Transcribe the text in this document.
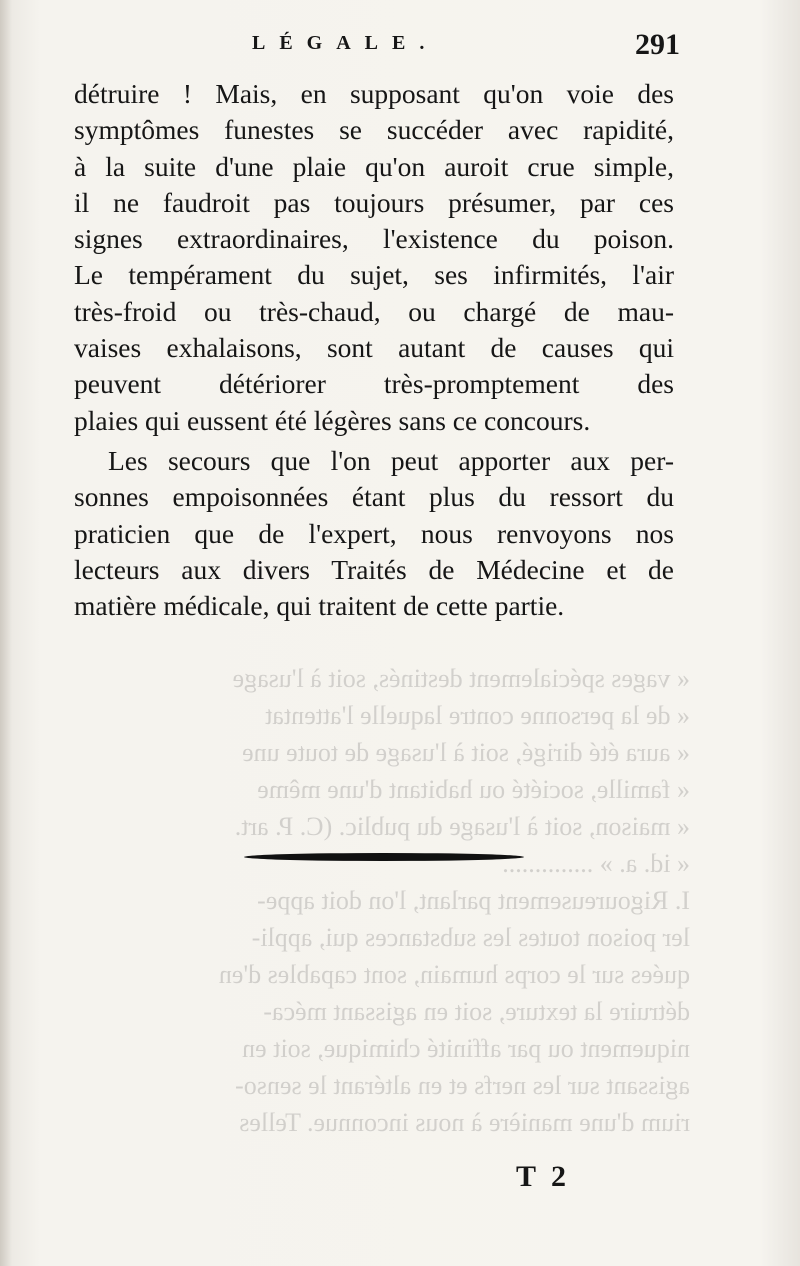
LÉGALE.	291
« vages spécialement destinés, soit à l'usage
« de la personne contre laquelle l'attentat
« aura été dirigé, soit à l'usage de toute une
« famille, société ou habitant d'une même
« maison, soit à l'usage du public. (C. P. art.
« id. a. » ..............
I. Rigoureusement parlant, l'on doit appe-
ler poison toutes les substances qui, appli-
quées sur le corps humain, sont capables d'en
détruire la texture, soit en agissant méca-
niquement ou par affinité chimique, soit en
agissant sur les nerfs et en altérant le senso-
rium d'une manière à nous inconnue. Telles
détruire ! Mais, en supposant qu'on voie des
symptômes funestes se succéder avec rapidité,
à la suite d'une plaie qu'on auroit crue simple,
il ne faudroit pas toujours présumer, par ces
signes extraordinaires, l'existence du poison.
Le tempérament du sujet, ses infirmités, l'air
très-froid ou très-chaud, ou chargé de mau-
vaises exhalaisons, sont autant de causes qui
peuvent détériorer très-promptement des
plaies qui eussent été légères sans ce concours.
Les secours que l'on peut apporter aux per-
sonnes empoisonnées étant plus du ressort du
praticien que de l'expert, nous renvoyons nos
lecteurs aux divers Traités de Médecine et de
matière médicale, qui traitent de cette partie.
T 2
